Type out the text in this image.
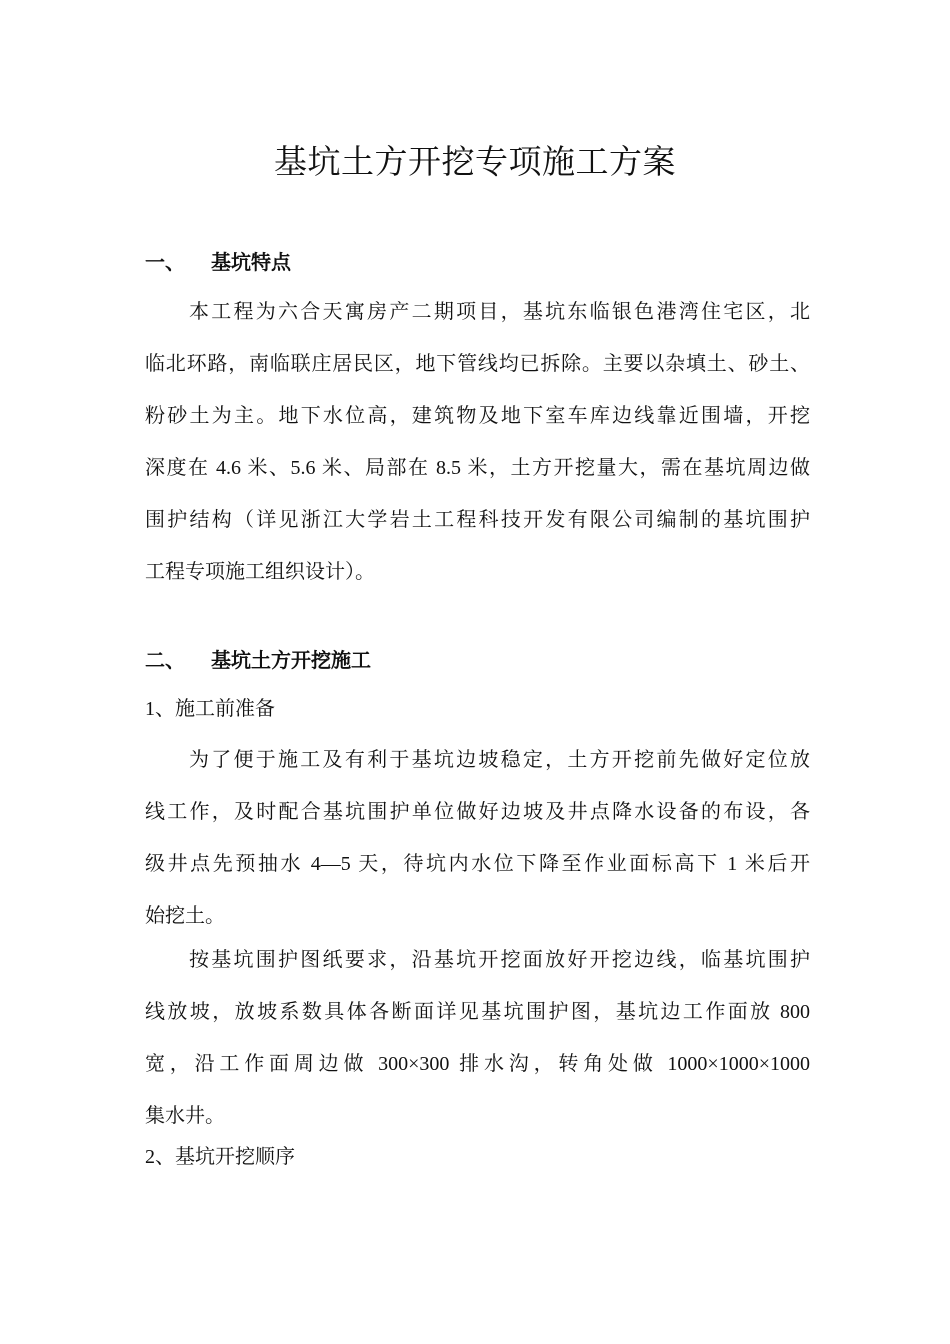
基坑土方开挖专项施工方案
一、	基坑特点
本工程为六合天寓房产二期项目，基坑东临银色港湾住宅区，北
临北环路，南临联庄居民区，地下管线均已拆除。主要以杂填土、砂土、
粉砂土为主。地下水位高，建筑物及地下室车库边线靠近围墙，开挖
深度在 4.6 米、5.6 米、局部在 8.5 米，土方开挖量大，需在基坑周边做
围护结构（详见浙江大学岩土工程科技开发有限公司编制的基坑围护
工程专项施工组织设计）。
二、	基坑土方开挖施工
1、施工前准备
为了便于施工及有利于基坑边坡稳定，土方开挖前先做好定位放
线工作，及时配合基坑围护单位做好边坡及井点降水设备的布设，各
级井点先预抽水 4—5 天，待坑内水位下降至作业面标高下 1 米后开
始挖土。
按基坑围护图纸要求，沿基坑开挖面放好开挖边线，临基坑围护
线放坡，放坡系数具体各断面详见基坑围护图，基坑边工作面放 800
宽，沿工作面周边做 300×300 排水沟，转角处做 1000×1000×1000
集水井。
2、基坑开挖顺序
